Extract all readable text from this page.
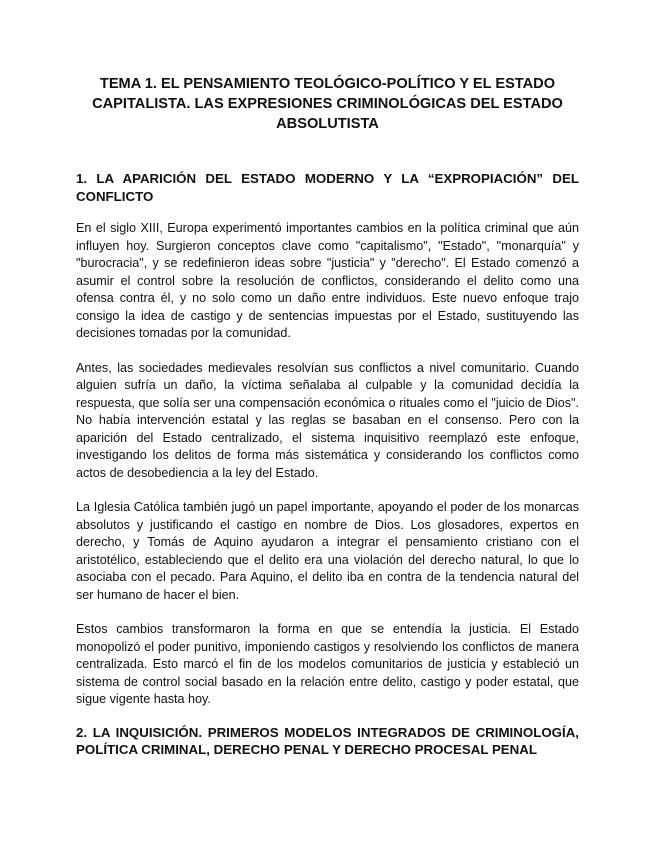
TEMA 1. EL PENSAMIENTO TEOLÓGICO-POLÍTICO Y EL ESTADO CAPITALISTA. LAS EXPRESIONES CRIMINOLÓGICAS DEL ESTADO ABSOLUTISTA
1. LA APARICIÓN DEL ESTADO MODERNO Y LA “EXPROPIACIÓN” DEL CONFLICTO

En el siglo XIII, Europa experimentó importantes cambios en la política criminal que aún influyen hoy. Surgieron conceptos clave como "capitalismo", "Estado", "monarquía" y "burocracia", y se redefinieron ideas sobre "justicia" y "derecho". El Estado comenzó a asumir el control sobre la resolución de conflictos, considerando el delito como una ofensa contra él, y no solo como un daño entre individuos. Este nuevo enfoque trajo consigo la idea de castigo y de sentencias impuestas por el Estado, sustituyendo las decisiones tomadas por la comunidad.

Antes, las sociedades medievales resolvían sus conflictos a nivel comunitario. Cuando alguien sufría un daño, la víctima señalaba al culpable y la comunidad decidía la respuesta, que solía ser una compensación económica o rituales como el "juicio de Dios". No había intervención estatal y las reglas se basaban en el consenso. Pero con la aparición del Estado centralizado, el sistema inquisitivo reemplazó este enfoque, investigando los delitos de forma más sistemática y considerando los conflictos como actos de desobediencia a la ley del Estado.

La Iglesia Católica también jugó un papel importante, apoyando el poder de los monarcas absolutos y justificando el castigo en nombre de Dios. Los glosadores, expertos en derecho, y Tomás de Aquino ayudaron a integrar el pensamiento cristiano con el aristotélico, estableciendo que el delito era una violación del derecho natural, lo que lo asociaba con el pecado. Para Aquino, el delito iba en contra de la tendencia natural del ser humano de hacer el bien.

Estos cambios transformaron la forma en que se entendía la justicia. El Estado monopolizó el poder punitivo, imponiendo castigos y resolviendo los conflictos de manera centralizada. Esto marcó el fin de los modelos comunitarios de justicia y estableció un sistema de control social basado en la relación entre delito, castigo y poder estatal, que sigue vigente hasta hoy.

2. LA INQUISICIÓN. PRIMEROS MODELOS INTEGRADOS DE CRIMINOLOGÍA, POLÍTICA CRIMINAL, DERECHO PENAL Y DERECHO PROCESAL PENAL
